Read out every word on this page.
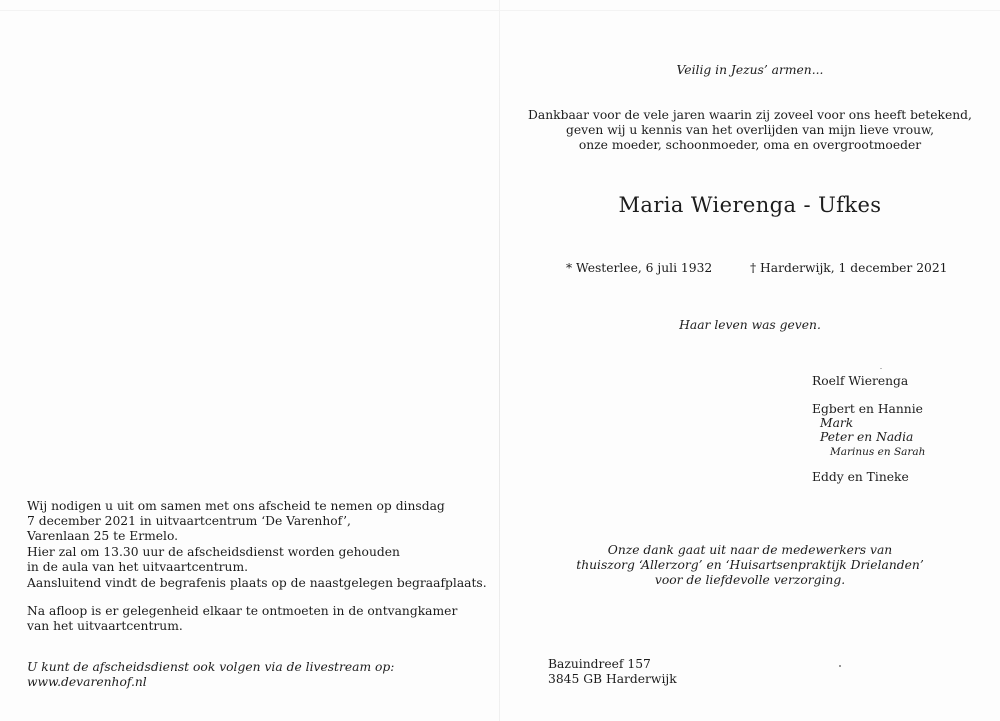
Wij nodigen u uit om samen met ons afscheid te nemen op dinsdag
7 december 2021 in uitvaartcentrum ‘De Varenhof’,
Varenlaan 25 te Ermelo.
Hier zal om 13.30 uur de afscheidsdienst worden gehouden
in de aula van het uitvaartcentrum.
Aansluitend vindt de begrafenis plaats op de naastgelegen begraafplaats.
Na afloop is er gelegenheid elkaar te ontmoeten in de ontvangkamer
van het uitvaartcentrum.
U kunt de afscheidsdienst ook volgen via de livestream op:
www.devarenhof.nl
Veilig in Jezus’ armen...
Dankbaar voor de vele jaren waarin zij zoveel voor ons heeft betekend,
geven wij u kennis van het overlijden van mijn lieve vrouw,
onze moeder, schoonmoeder, oma en overgrootmoeder
Maria Wierenga - Ufkes
* Westerlee, 6 juli 1932	† Harderwijk, 1 december 2021
Haar leven was geven.
Roelf Wierenga
Egbert en Hannie
Mark
Peter en Nadia
Marinus en Sarah
Eddy en Tineke
Onze dank gaat uit naar de medewerkers van
thuiszorg ‘Allerzorg’ en ‘Huisartsenpraktijk Drielanden’
voor de liefdevolle verzorging.
Bazuindreef 157
3845 GB Harderwijk
